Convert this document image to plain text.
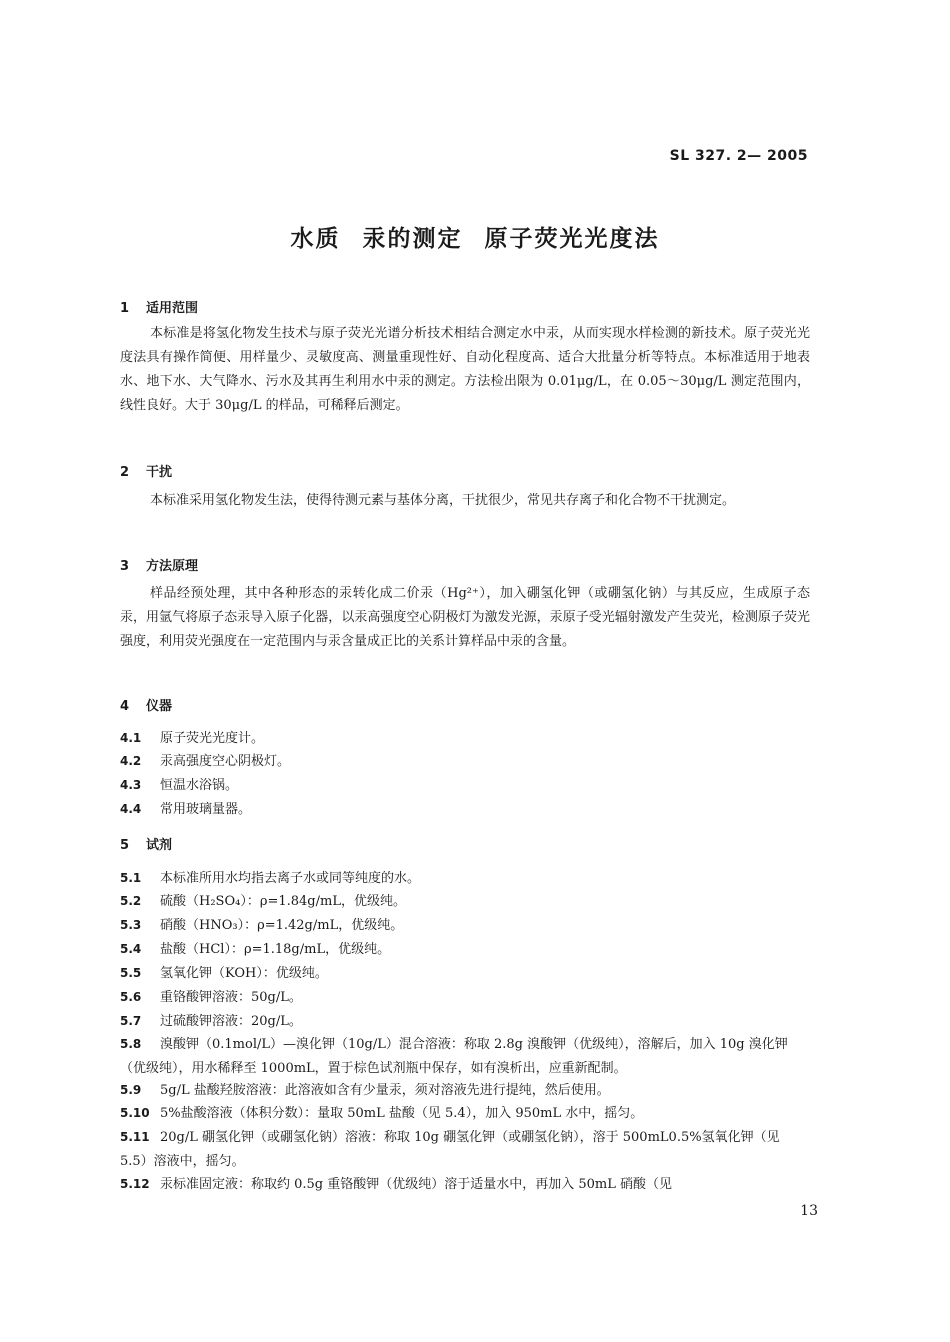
SL 327. 2— 2005
水质 汞的测定 原子荧光光度法
1 适用范围
本标准是将氢化物发生技术与原子荧光光谱分析技术相结合测定水中汞，从而实现水样检测的新技术。原子荧光光度法具有操作简便、用样量少、灵敏度高、测量重现性好、自动化程度高、适合大批量分析等特点。本标准适用于地表水、地下水、大气降水、污水及其再生利用水中汞的测定。方法检出限为 0.01μg/L，在 0.05～30μg/L 测定范围内，线性良好。大于 30μg/L 的样品，可稀释后测定。
2 干扰
本标准采用氢化物发生法，使得待测元素与基体分离，干扰很少，常见共存离子和化合物不干扰测定。
3 方法原理
样品经预处理，其中各种形态的汞转化成二价汞（Hg²⁺），加入硼氢化钾（或硼氢化钠）与其反应，生成原子态汞，用氩气将原子态汞导入原子化器，以汞高强度空心阴极灯为激发光源，汞原子受光辐射激发产生荧光，检测原子荧光强度，利用荧光强度在一定范围内与汞含量成正比的关系计算样品中汞的含量。
4 仪器
4.1 原子荧光光度计。
4.2 汞高强度空心阴极灯。
4.3 恒温水浴锅。
4.4 常用玻璃量器。
5 试剂
5.1 本标准所用水均指去离子水或同等纯度的水。
5.2 硫酸（H₂SO₄）：ρ=1.84g/mL，优级纯。
5.3 硝酸（HNO₃）：ρ=1.42g/mL，优级纯。
5.4 盐酸（HCl）：ρ=1.18g/mL，优级纯。
5.5 氢氧化钾（KOH）：优级纯。
5.6 重铬酸钾溶液：50g/L。
5.7 过硫酸钾溶液：20g/L。
5.8 溴酸钾（0.1mol/L）—溴化钾（10g/L）混合溶液：称取 2.8g 溴酸钾（优级纯），溶解后，加入 10g 溴化钾（优级纯），用水稀释至 1000mL，置于棕色试剂瓶中保存，如有溴析出，应重新配制。
5.9 5g/L 盐酸羟胺溶液：此溶液如含有少量汞，须对溶液先进行提纯，然后使用。
5.10 5%盐酸溶液（体积分数）：量取 50mL 盐酸（见 5.4），加入 950mL 水中，摇匀。
5.11 20g/L 硼氢化钾（或硼氢化钠）溶液：称取 10g 硼氢化钾（或硼氢化钠），溶于 500mL0.5%氢氧化钾（见 5.5）溶液中，摇匀。
5.12 汞标准固定液：称取约 0.5g 重铬酸钾（优级纯）溶于适量水中，再加入 50mL 硝酸（见
13
